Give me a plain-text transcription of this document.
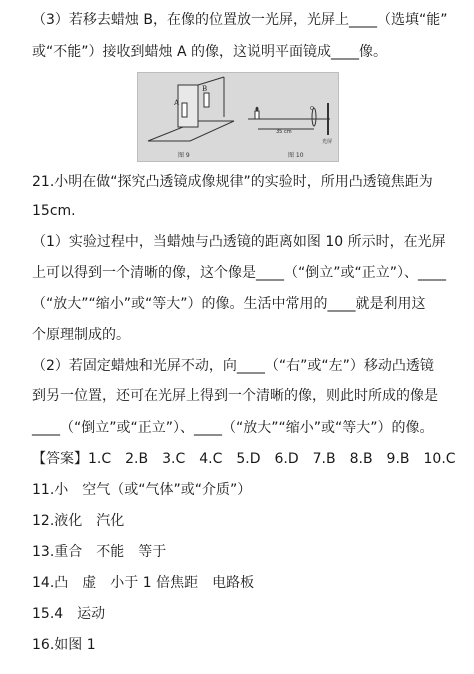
（3）若移去蜡烛 B，在像的位置放一光屏，光屏上____（选填“能”
或“不能”）接收到蜡烛 A 的像，这说明平面镜成____像。
A
B
图 9
35 cm
O
光屏
图 10
21.小明在做“探究凸透镜成像规律”的实验时，所用凸透镜焦距为
15cm.
（1）实验过程中，当蜡烛与凸透镜的距离如图 10 所示时，在光屏
上可以得到一个清晰的像，这个像是____（“倒立”或“正立”）、____
（“放大”“缩小”或“等大”）的像。生活中常用的____就是利用这
个原理制成的。
（2）若固定蜡烛和光屏不动，向____（“右”或“左”）移动凸透镜
到另一位置，还可在光屏上得到一个清晰的像，则此时所成的像是
____（“倒立”或“正立”）、____（“放大”“缩小”或“等大”）的像。
【答案】1.C　2.B　3.C　4.C　5.D　6.D　7.B　8.B　9.B　10.C
11.小　空气（或“气体”或“介质”）
12.液化　汽化
13.重合　不能　等于
14.凸　虚　小于 1 倍焦距　电路板
15.4　运动
16.如图 1
